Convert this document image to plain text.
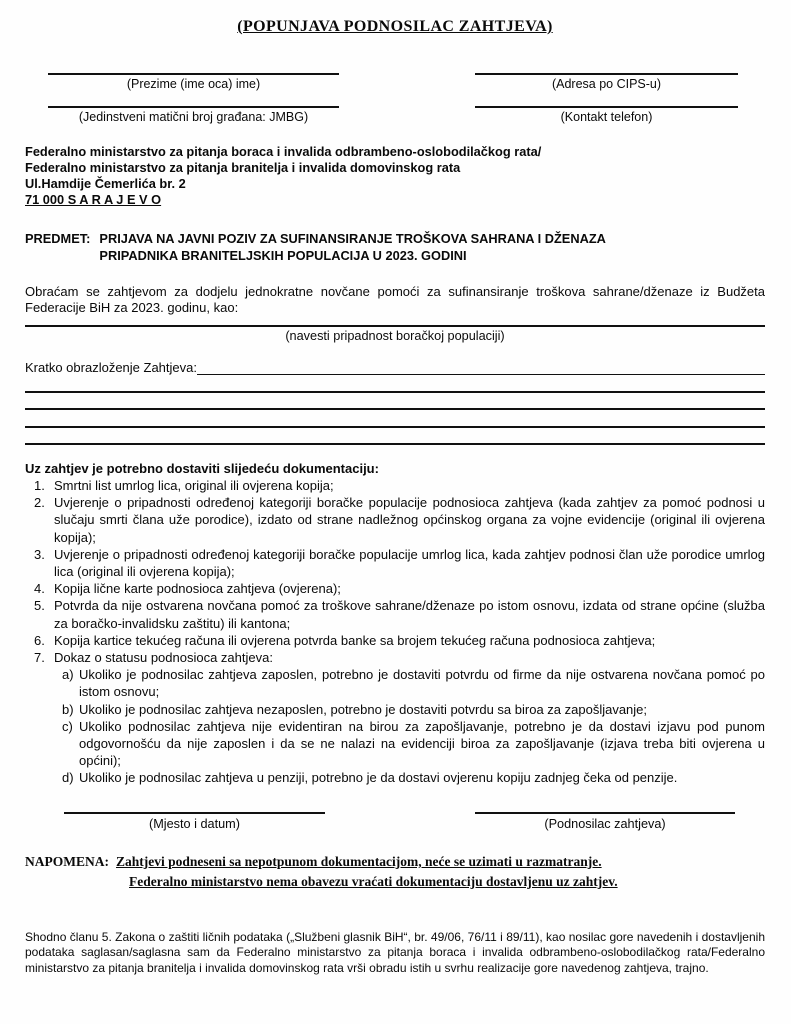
(POPUNJAVA PODNOSILAC ZAHTJEVA)
(Prezime (ime oca) ime)	(Adresa po CIPS-u)
(Jedinstveni matični broj građana: JMBG)	(Kontakt telefon)
Federalno ministarstvo za pitanja boraca i invalida odbrambeno-oslobodilačkog rata/
Federalno ministarstvo za pitanja branitelja i invalida domovinskog rata
Ul.Hamdije Čemerlića br. 2
71 000 S A R A J E V O
PREDMET: PRIJAVA NA JAVNI POZIV ZA SUFINANSIRANJE TROŠKOVA SAHRANA I DŽENAZA
PRIPADNIKA BRANITELJSKIH POPULACIJA U 2023. GODINI
Obraćam se zahtjevom za dodjelu jednokratne novčane pomoći za sufinansiranje troškova sahrane/dženaze iz Budžeta Federacije BiH za 2023. godinu, kao:
(navesti pripadnost boračkoj populaciji)
Kratko obrazloženje Zahtjeva:
Uz zahtjev je potrebno dostaviti slijedeću dokumentaciju:
1. Smrtni list umrlog lica, original ili ovjerena kopija;
2. Uvjerenje o pripadnosti određenoj kategoriji boračke populacije podnosioca zahtjeva (kada zahtjev za pomoć podnosi u slučaju smrti člana uže porodice), izdato od strane nadležnog općinskog organa za vojne evidencije (original ili ovjerena kopija);
3. Uvjerenje o pripadnosti određenoj kategoriji boračke populacije umrlog lica, kada zahtjev podnosi član uže porodice umrlog lica (original ili ovjerena kopija);
4. Kopija lične karte podnosioca zahtjeva (ovjerena);
5. Potvrda da nije ostvarena novčana pomoć za troškove sahrane/dženaze po istom osnovu, izdata od strane općine (služba za boračko-invalidsku zaštitu) ili kantona;
6. Kopija kartice tekućeg računa ili ovjerena potvrda banke sa brojem tekućeg računa podnosioca zahtjeva;
7. Dokaz o statusu podnosioca zahtjeva:
a) Ukoliko je podnosilac zahtjeva zaposlen, potrebno je dostaviti potvrdu od firme da nije ostvarena novčana pomoć po istom osnovu;
b) Ukoliko je podnosilac zahtjeva nezaposlen, potrebno je dostaviti potvrdu sa biroa za zapošljavanje;
c) Ukoliko podnosilac zahtjeva nije evidentiran na birou za zapošljavanje, potrebno je da dostavi izjavu pod punom odgovornošću da nije zaposlen i da se ne nalazi na evidenciji biroa za zapošljavanje (izjava treba biti ovjerena u općini);
d) Ukoliko je podnosilac zahtjeva u penziji, potrebno je da dostavi ovjerenu kopiju zadnjeg čeka od penzije.
(Mjesto i datum)	(Podnosilac zahtjeva)
NAPOMENA: Zahtjevi podneseni sa nepotpunom dokumentacijom, neće se uzimati u razmatranje.
Federalno ministarstvo nema obavezu vraćati dokumentaciju dostavljenu uz zahtjev.
Shodno članu 5. Zakona o zaštiti ličnih podataka („Službeni glasnik BiH“, br. 49/06, 76/11 i 89/11), kao nosilac gore navedenih i dostavljenih podataka saglasan/saglasna sam da Federalno ministarstvo za pitanja boraca i invalida odbrambeno-oslobodilačkog rata/Federalno ministarstvo za pitanja branitelja i invalida domovinskog rata vrši obradu istih u svrhu realizacije gore navedenog zahtjeva, trajno.
